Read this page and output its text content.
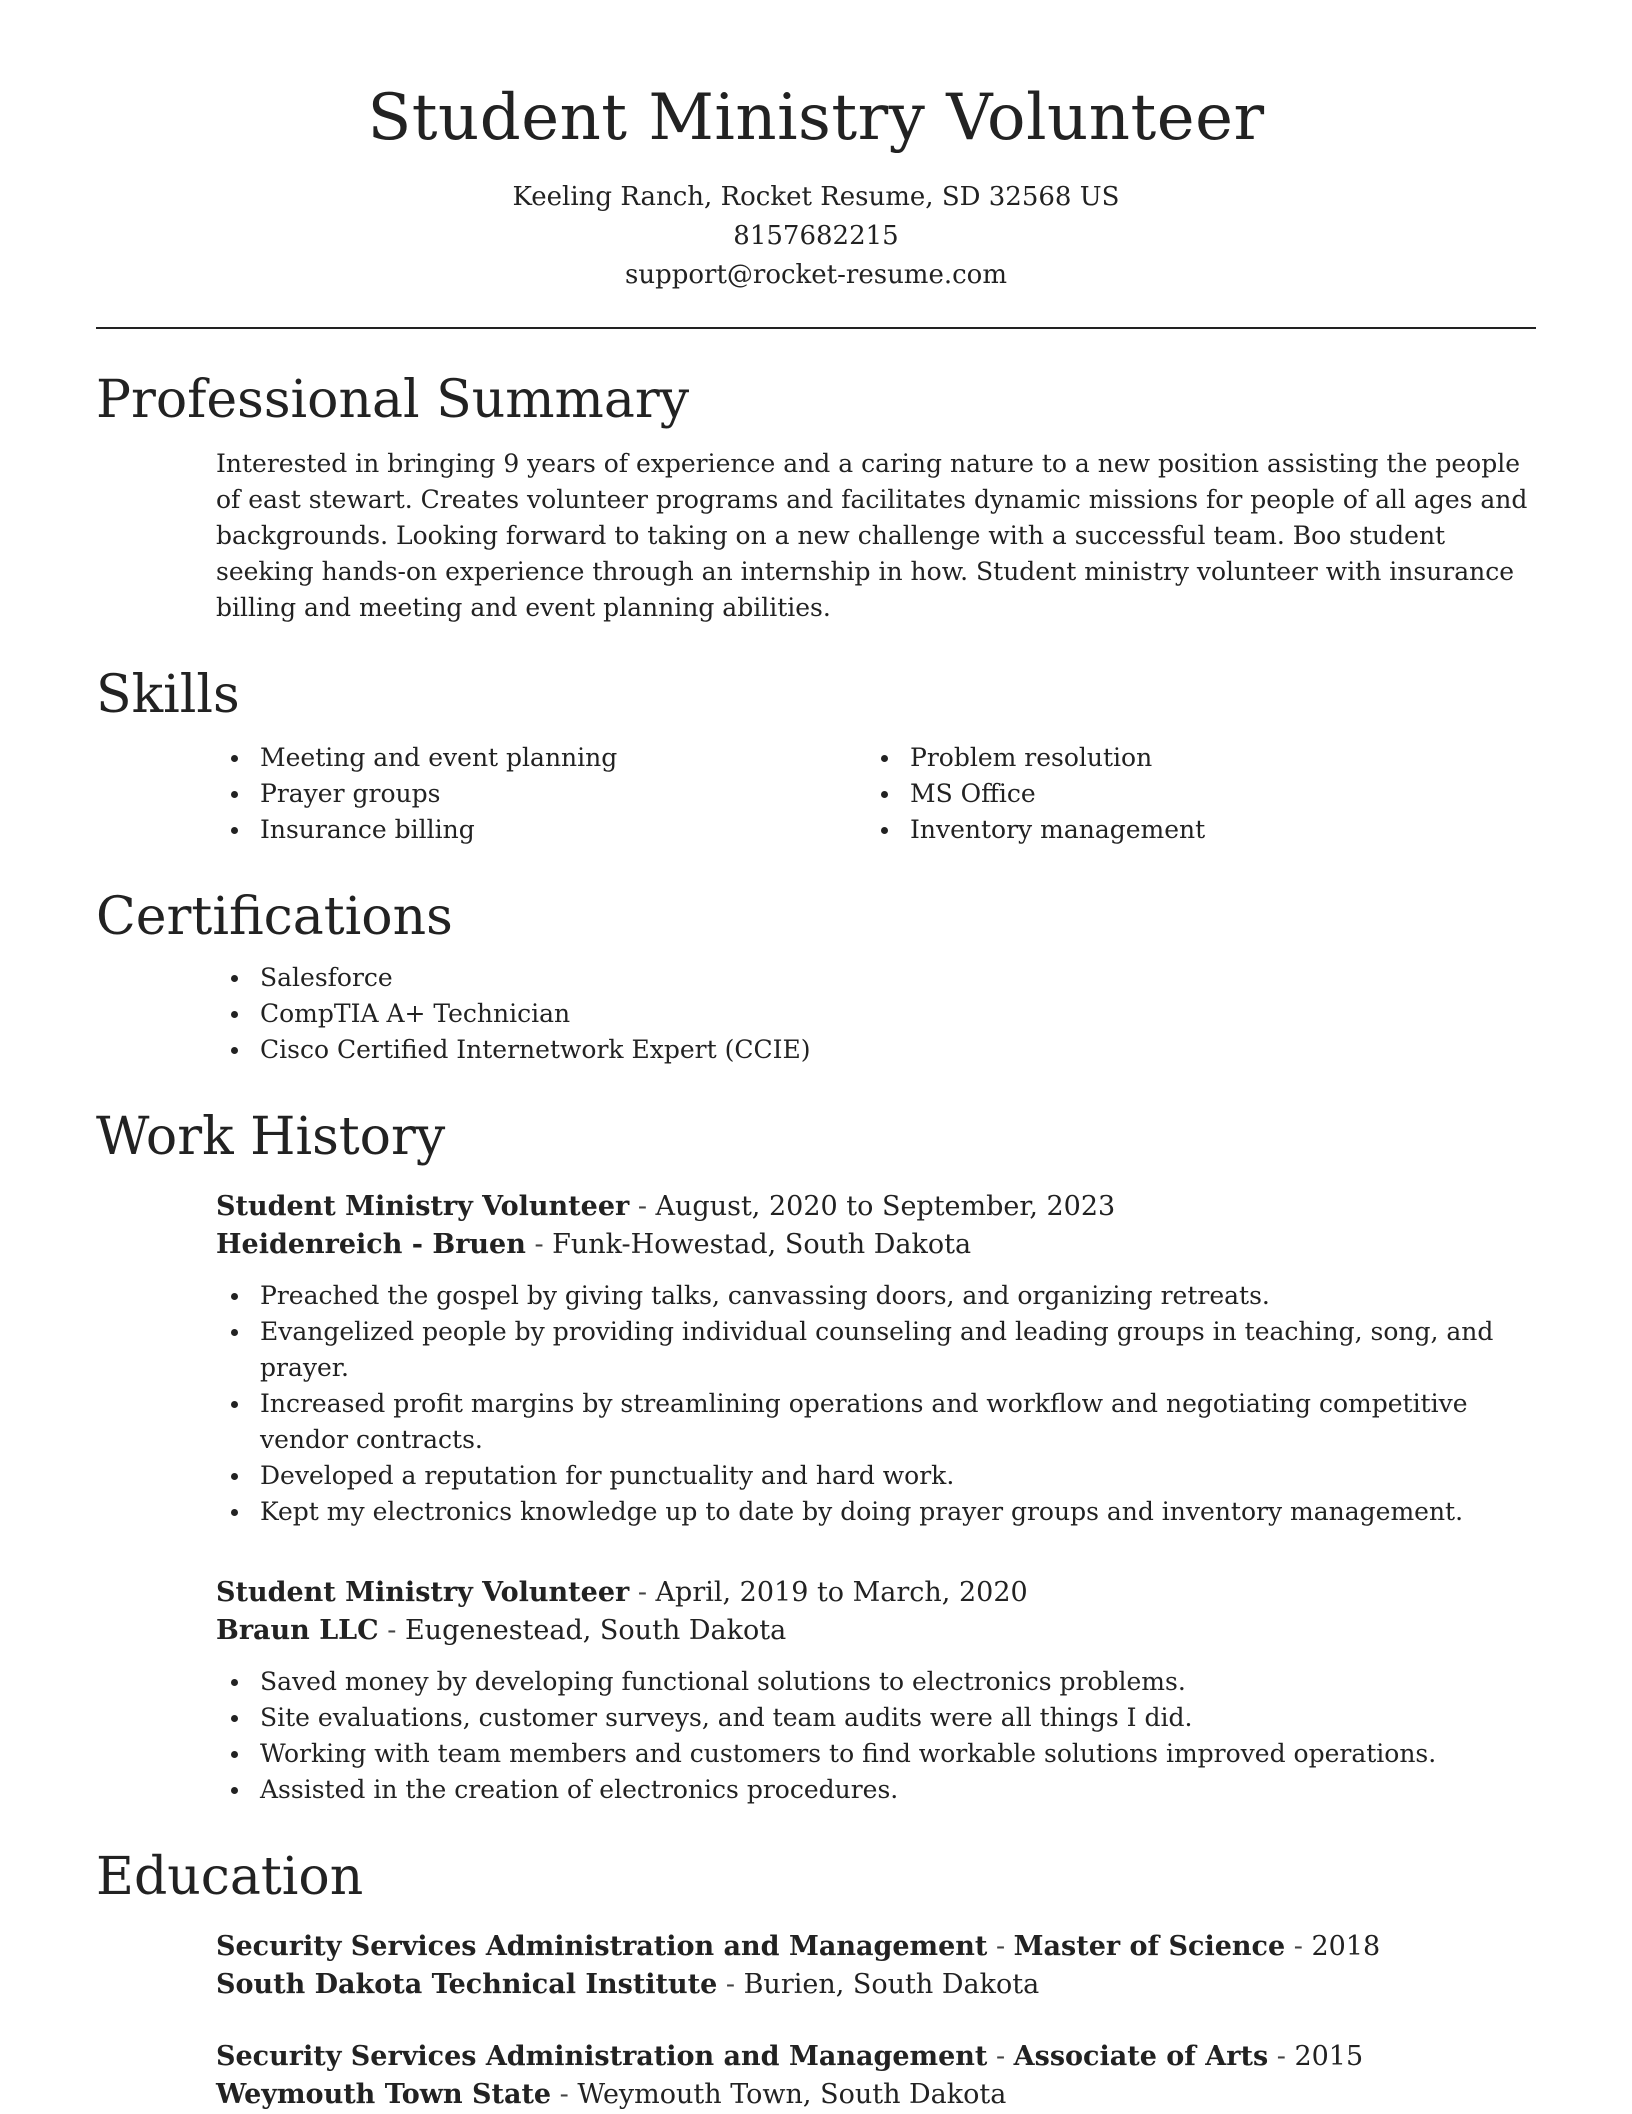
Student Ministry Volunteer
Keeling Ranch, Rocket Resume, SD 32568 US
8157682215
support@rocket-resume.com
Professional Summary
Interested in bringing 9 years of experience and a caring nature to a new position assisting the people of east stewart. Creates volunteer programs and facilitates dynamic missions for people of all ages and backgrounds. Looking forward to taking on a new challenge with a successful team. Boo student seeking hands-on experience through an internship in how. Student ministry volunteer with insurance billing and meeting and event planning abilities.
Skills
Meeting and event planning
Prayer groups
Insurance billing
Problem resolution
MS Office
Inventory management
Certifications
Salesforce
CompTIA A+ Technician
Cisco Certified Internetwork Expert (CCIE)
Work History
Student Ministry Volunteer - August, 2020 to September, 2023
Heidenreich - Bruen - Funk-Howestad, South Dakota
Preached the gospel by giving talks, canvassing doors, and organizing retreats.
Evangelized people by providing individual counseling and leading groups in teaching, song, and prayer.
Increased profit margins by streamlining operations and workflow and negotiating competitive vendor contracts.
Developed a reputation for punctuality and hard work.
Kept my electronics knowledge up to date by doing prayer groups and inventory management.
Student Ministry Volunteer - April, 2019 to March, 2020
Braun LLC - Eugenestead, South Dakota
Saved money by developing functional solutions to electronics problems.
Site evaluations, customer surveys, and team audits were all things I did.
Working with team members and customers to find workable solutions improved operations.
Assisted in the creation of electronics procedures.
Education
Security Services Administration and Management - Master of Science - 2018
South Dakota Technical Institute - Burien, South Dakota
Security Services Administration and Management - Associate of Arts - 2015
Weymouth Town State - Weymouth Town, South Dakota
